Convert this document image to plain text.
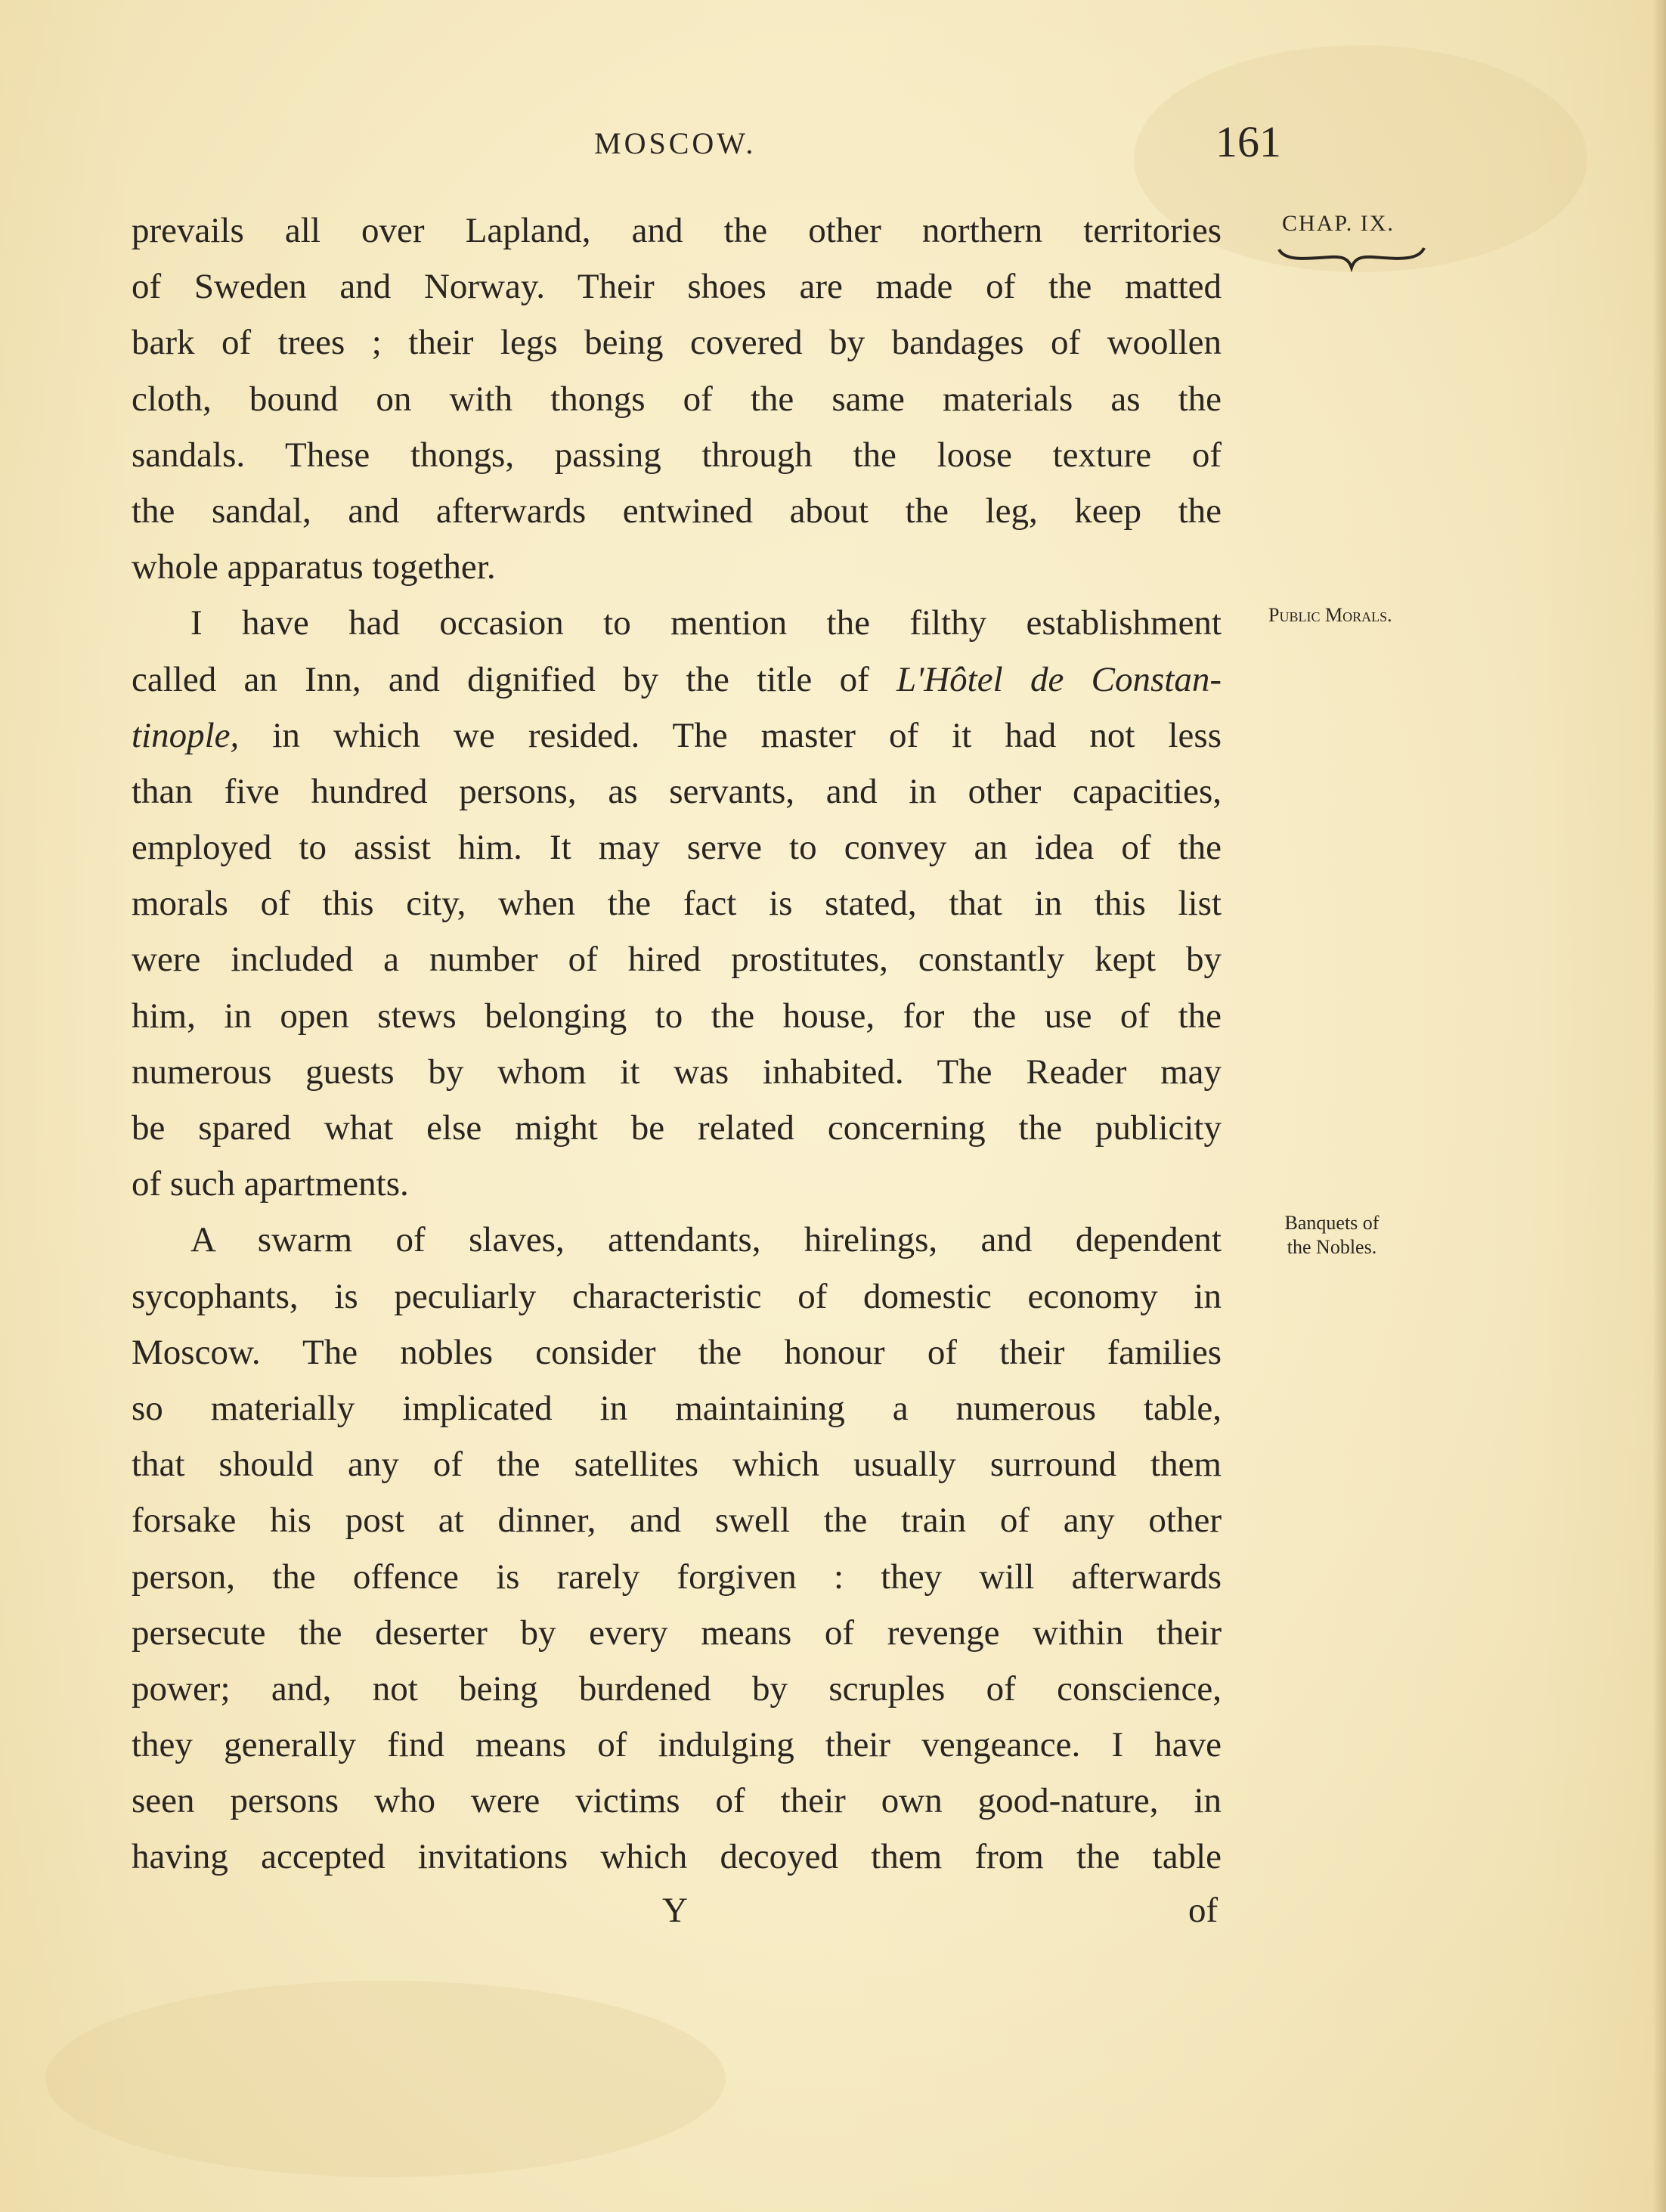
MOSCOW.	161
CHAP. IX.
Public Morals.
Banquets of
the Nobles.
prevails all over Lapland, and the other northern territories
of Sweden and Norway. Their shoes are made of the matted
bark of trees ; their legs being covered by bandages of woollen
cloth, bound on with thongs of the same materials as the
sandals. These thongs, passing through the loose texture of
the sandal, and afterwards entwined about the leg, keep the
whole apparatus together.
I have had occasion to mention the filthy establishment
called an Inn, and dignified by the title of L'Hôtel de Constan-
tinople, in which we resided. The master of it had not less
than five hundred persons, as servants, and in other capacities,
employed to assist him. It may serve to convey an idea of the
morals of this city, when the fact is stated, that in this list
were included a number of hired prostitutes, constantly kept by
him, in open stews belonging to the house, for the use of the
numerous guests by whom it was inhabited. The Reader may
be spared what else might be related concerning the publicity
of such apartments.
A swarm of slaves, attendants, hirelings, and dependent
sycophants, is peculiarly characteristic of domestic economy in
Moscow. The nobles consider the honour of their families
so materially implicated in maintaining a numerous table,
that should any of the satellites which usually surround them
forsake his post at dinner, and swell the train of any other
person, the offence is rarely forgiven : they will afterwards
persecute the deserter by every means of revenge within their
power; and, not being burdened by scruples of conscience,
they generally find means of indulging their vengeance. I have
seen persons who were victims of their own good-nature, in
having accepted invitations which decoyed them from the table
Y	of
